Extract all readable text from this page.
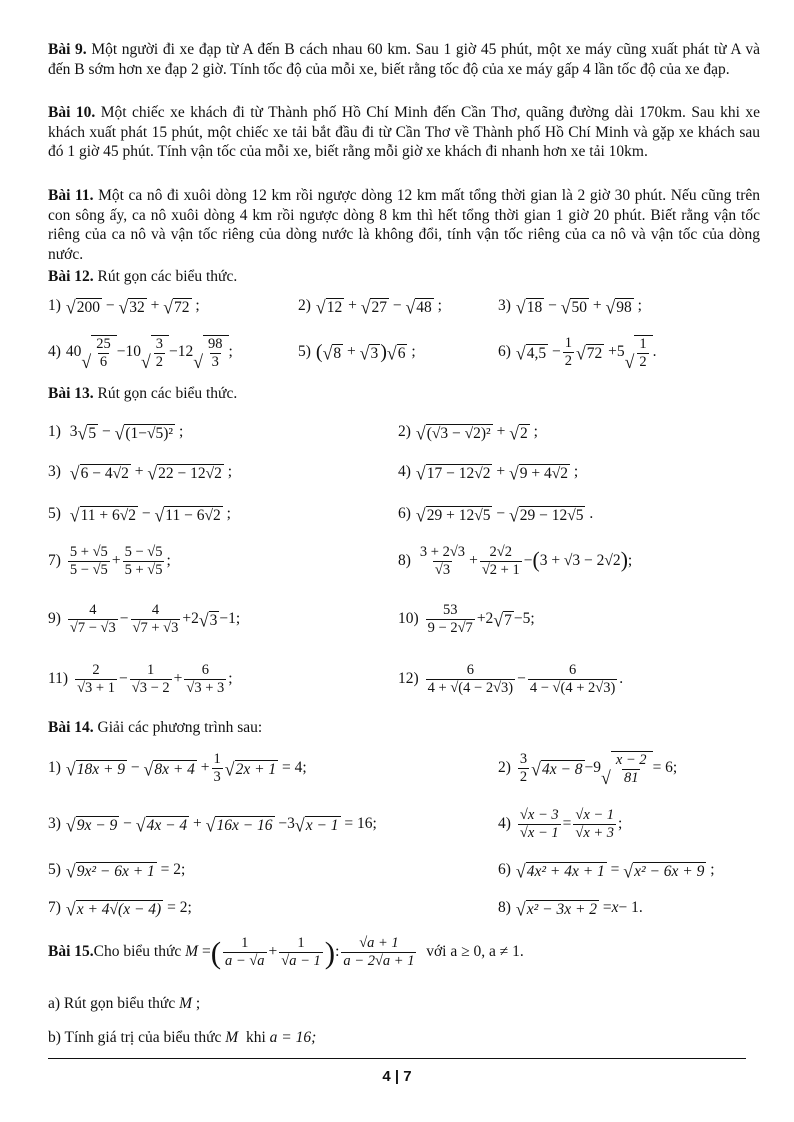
Bài 9. Một người đi xe đạp từ A đến B cách nhau 60 km. Sau 1 giờ 45 phút, một xe máy cũng xuất phát từ A và đến B sớm hơn xe đạp 2 giờ. Tính tốc độ của mỗi xe, biết rằng tốc độ của xe máy gấp 4 lần tốc độ của xe đạp.
Bài 10. Một chiếc xe khách đi từ Thành phố Hồ Chí Minh đến Cần Thơ, quãng đường dài 170km. Sau khi xe khách xuất phát 15 phút, một chiếc xe tải bắt đầu đi từ Cần Thơ về Thành phố Hồ Chí Minh và gặp xe khách sau đó 1 giờ 45 phút. Tính vận tốc của mỗi xe, biết rằng mỗi giờ xe khách đi nhanh hơn xe tải 10km.
Bài 11. Một ca nô đi xuôi dòng 12 km rồi ngược dòng 12 km mất tổng thời gian là 2 giờ 30 phút. Nếu cũng trên con sông ấy, ca nô xuôi dòng 4 km rồi ngược dòng 8 km thì hết tổng thời gian 1 giờ 20 phút. Biết rằng vận tốc riêng của ca nô và vận tốc riêng của dòng nước là không đổi, tính vận tốc riêng của ca nô và vận tốc của dòng nước.
Bài 12. Rút gọn các biểu thức.
1) √ 200 − √ 32 + √ 72 ;	2) √ 12 + √ 27 − √ 48 ;	3) √ 18 − √ 50 + √ 98 ;
4) 40 √ $\frac{25}{6} -10$ √ $\frac{3}{2} -12$ √ $\frac{98}{3}$ ;	5) ( √ 8 + √ 3 ) √ 6 ;	6) √ $4,5 - \frac{1}{2}$ √ 72 +5 √ $\frac{1}{2}$ .
Bài 13. Rút gọn các biểu thức.
1) 3 √ 5 − √ (1−√5)² ;	2) √ (√3 − √2)² + √ 2 ;
3)
√ 6 − 4√2 + √ 22 − 12√2 ;	4) √ 17 − 12√2 + √ 9 + 4√2 ;
5)
√ 11 + 6√2 − √ 11 − 6√2 ;	6) √ 29 + 12√5 − √ 29 − 12√5 .
$7) \frac{5 + √5}{5 - √5} + \frac{5 - √5}{5 + √5}$ ;	$8) \frac{3 + 2√3}{√3} + \frac{2√2}{√2 + 1}$ − ( 3 + √3 − 2√2 ) ;
$9) \frac{4}{√7 - √3} - \frac{4}{√7 + √3} +2$ √ 3 −1;	$10) \frac{53}{9 - 2√7} +2$ √ 7 −5;
$11) \frac{2}{√3 + 1} - \frac{1}{√3 - 2} + \frac{6}{√3 + 3}$ ;	$12) \frac{6}{4 + √(4 - 2√3)} - \frac{6}{4 - √(4 + 2√3)}$ .
Bài 14. Giải các phương trình sau:
1) √ 18x + 9 − √ $8x + 4 + \frac{1}{3}$ √ 2x + 1 = 4;	$2) \frac{3}{2}$ √ 4x − 8 −9 √ $\frac{x - 2}{81} = 6$;
3) √ 9x − 9 − √ 4x − 4 + √ 16x − 16 −3 √ x − 1 = 16;	$4) \frac{√x - 3}{√x - 1} = \frac{√x - 1}{√x + 3}$ ;
5) √ 9x² − 6x + 1 = 2;	6) √ 4x² + 4x + 1 = √ x² − 6x + 9 ;
7) √ x + 4√(x − 4) = 2;	8) √ x² − 3x + 2 = x − 1.
Bài 15. Cho biểu thức
M = ( $\frac{1}{a - √a} + \frac{1}{√a - 1}$ ) : $\frac{√a + 1}{a - 2√a + 1}$
với a ≥ 0, a ≠ 1.
a) Rút gọn biểu thức M ;
b) Tính giá trị của biểu thức M khi a = 16;
4 | 7
